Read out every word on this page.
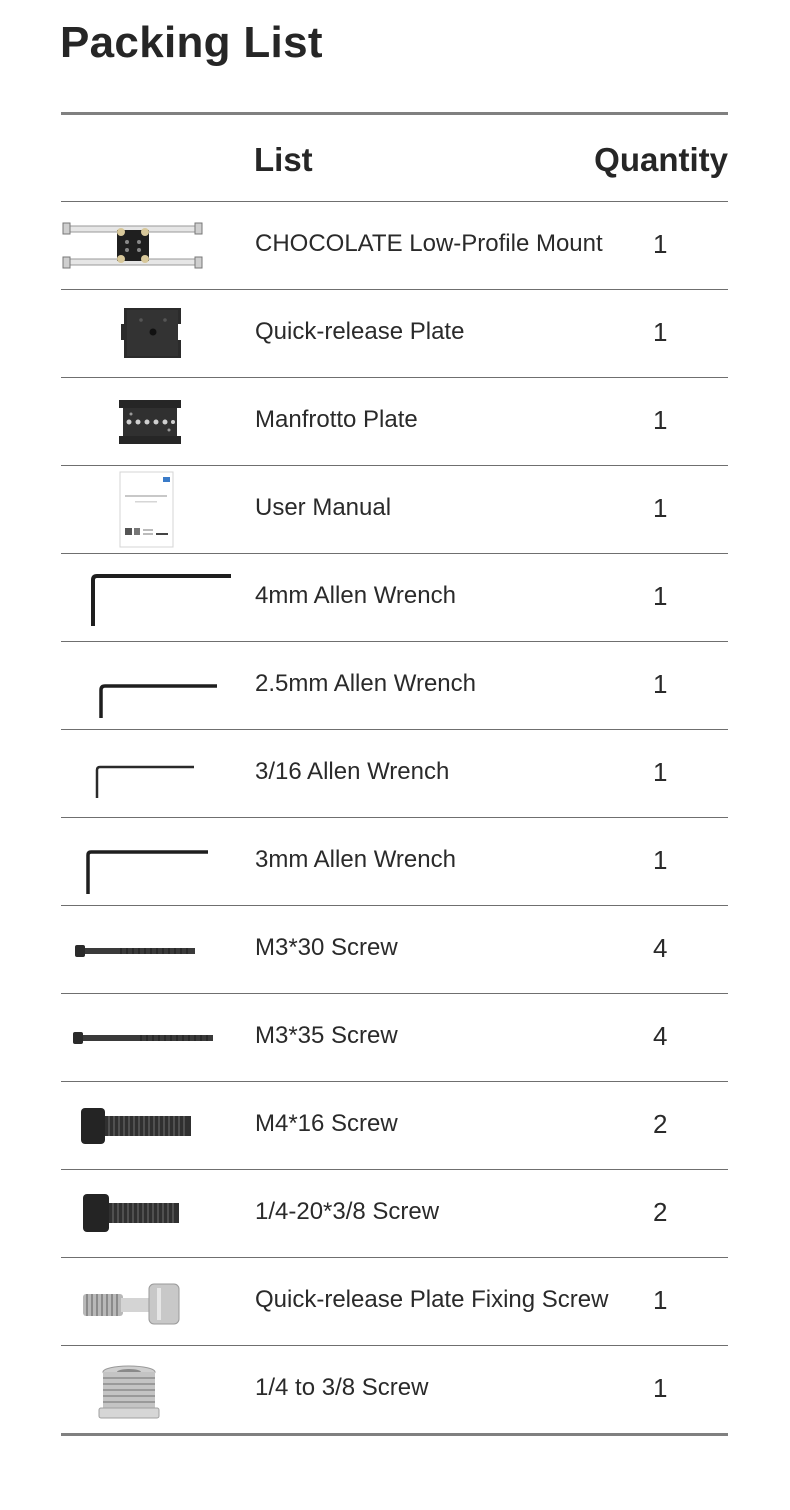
Packing List
List	Quantity
CHOCOLATE Low-Profile Mount 1
Quick-release Plate	1
Manfrotto Plate	1
User Manual	1
4mm Allen Wrench	1
2.5mm Allen Wrench	1
3/16 Allen Wrench	1
3mm Allen Wrench	1
M3*30 Screw	4
M3*35 Screw	4
M4*16 Screw	2
1/4-20*3/8 Screw	2
Quick-release Plate Fixing Screw 1
1/4 to 3/8 Screw	1
